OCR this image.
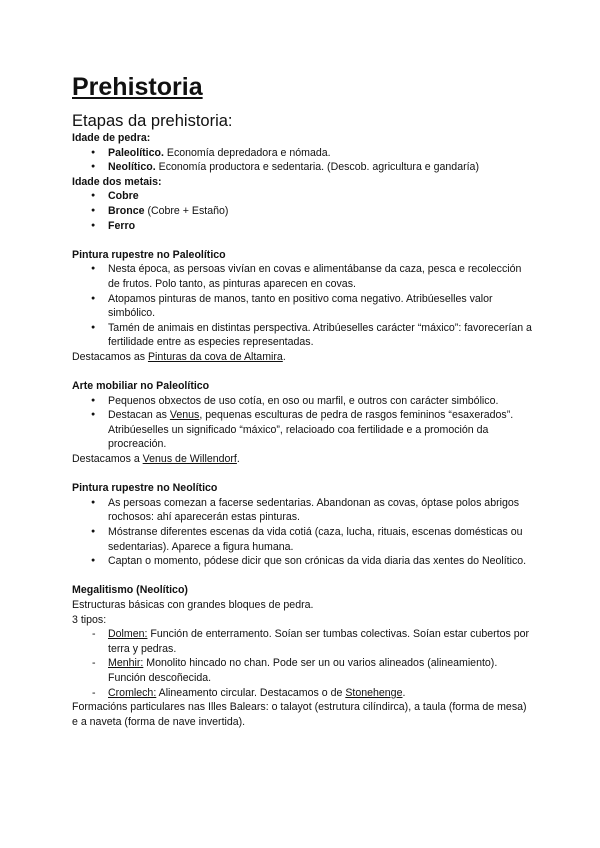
Prehistoria
Etapas da prehistoria:

Idade de pedra:

● Paleolítico. Economía depredadora e nómada.
● Neolítico. Economía productora e sedentaria. (Descob. agricultura e gandaría)

Idade dos metais:

● Cobre
● Bronce (Cobre + Estaño)
● Ferro

Pintura rupestre no Paleolítico

● Nesta época, as persoas vivían en covas e alimentábanse da caza, pesca e recolección de frutos. Polo tanto, as pinturas aparecen en covas.
● Atopamos pinturas de manos, tanto en positivo coma negativo. Atribúeselles valor simbólico.
● Tamén de animais en distintas perspectiva. Atribúeselles carácter “máxico”: favorecerían a fertilidade entre as especies representadas.

Destacamos as Pinturas da cova de Altamira.

Arte mobiliar no Paleolítico

● Pequenos obxectos de uso cotía, en oso ou marfil, e outros con carácter simbólico.
● Destacan as Venus, pequenas esculturas de pedra de rasgos femininos “esaxerados”. Atribúeselles un significado “máxico”, relacioado coa fertilidade e a promoción da procreación.

Destacamos a Venus de Willendorf.

Pintura rupestre no Neolítico

● As persoas comezan a facerse sedentarias. Abandonan as covas, óptase polos abrigos rochosos: ahí aparecerán estas pinturas.
● Móstranse diferentes escenas da vida cotiá (caza, lucha, rituais, escenas domésticas ou sedentarias). Aparece a figura humana.
● Captan o momento, pódese dicir que son crónicas da vida diaria das xentes do Neolítico.

Megalitismo (Neolítico)

Estructuras básicas con grandes bloques de pedra.

3 tipos:

- Dolmen: Función de enterramento. Soían ser tumbas colectivas. Soían estar cubertos por terra y pedras.
- Menhir: Monolito hincado no chan. Pode ser un ou varios alineados (alineamiento). Función descoñecida.
- Cromlech: Alineamento circular. Destacamos o de Stonehenge.

Formacións particulares nas Illes Balears: o talayot (estrutura cilíndirca), a taula (forma de mesa) e a naveta (forma de nave invertida).
